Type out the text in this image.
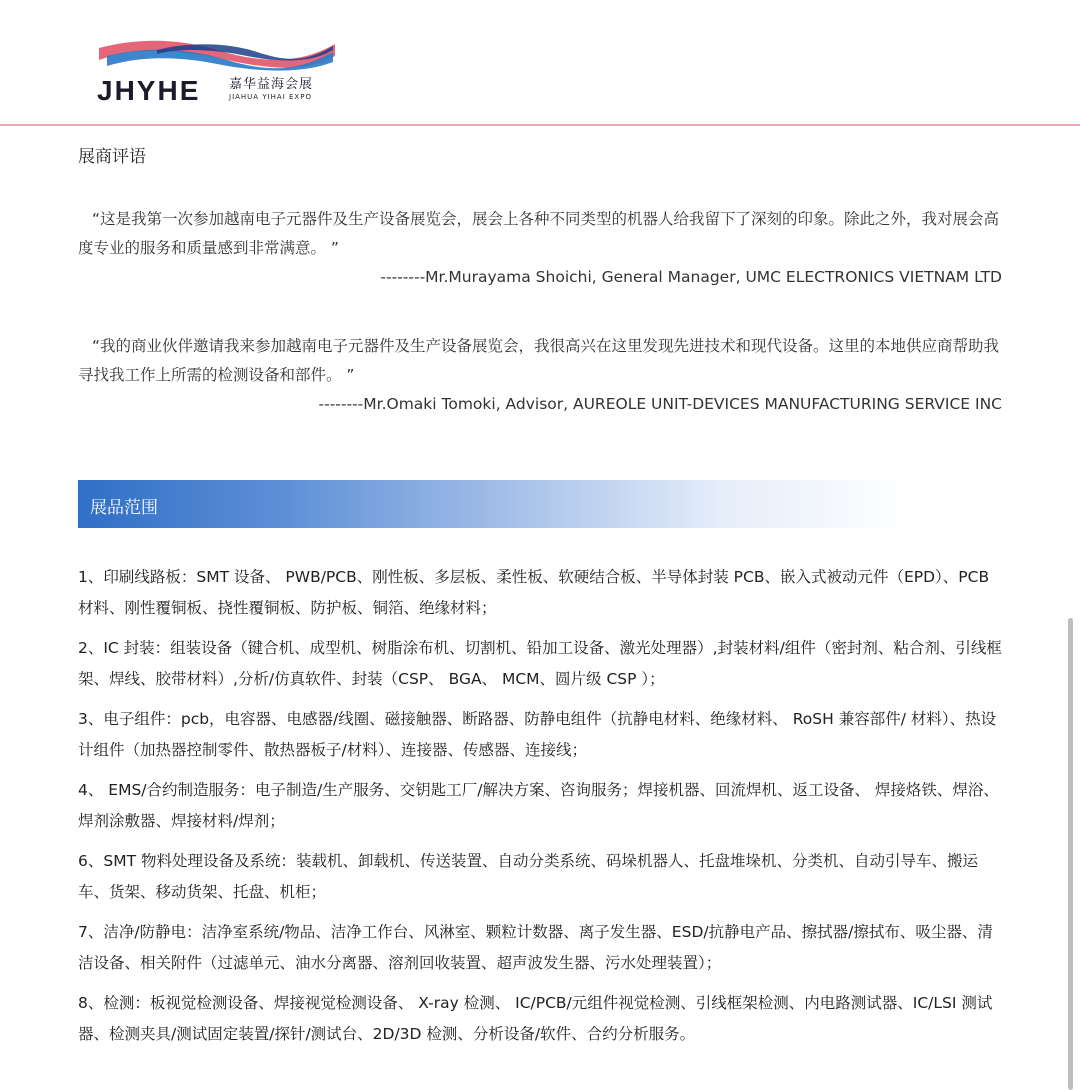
JHYHE 嘉华益海会展
JIAHUA YIHAI EXPO
展商评语
“这是我第一次参加越南电子元器件及生产设备展览会，展会上各种不同类型的机器人给我留下了深刻的印象。除此之外，我对展会高度专业的服务和质量感到非常满意。 ”
--------Mr.Murayama Shoichi, General Manager, UMC ELECTRONICS VIETNAM LTD
“我的商业伙伴邀请我来参加越南电子元器件及生产设备展览会，我很高兴在这里发现先进技术和现代设备。这里的本地供应商帮助我寻找我工作上所需的检测设备和部件。 ”
--------Mr.Omaki Tomoki, Advisor, AUREOLE UNIT-DEVICES MANUFACTURING SERVICE INC
展品范围
1、印刷线路板：SMT 设备、 PWB/PCB、刚性板、多层板、柔性板、软硬结合板、半导体封装 PCB、嵌入式被动元件（EPD）、PCB 材料、刚性覆铜板、挠性覆铜板、防护板、铜箔、绝缘材料；
2、IC 封装：组装设备（键合机、成型机、树脂涂布机、切割机、铅加工设备、激光处理器）,封装材料/组件（密封剂、粘合剂、引线框架、焊线、胶带材料）,分析/仿真软件、封装（CSP、 BGA、 MCM、圆片级 CSP ）；
3、电子组件：pcb，电容器、电感器/线圈、磁接触器、断路器、防静电组件（抗静电材料、绝缘材料、 RoSH 兼容部件/ 材料）、热设计组件（加热器控制零件、散热器板子/材料）、连接器、传感器、连接线；
4、 EMS/合约制造服务：电子制造/生产服务、交钥匙工厂/解决方案、咨询服务；焊接机器、回流焊机、返工设备、 焊接烙铁、焊浴、焊剂涂敷器、焊接材料/焊剂；
6、SMT 物料处理设备及系统：装载机、卸载机、传送装置、自动分类系统、码垛机器人、托盘堆垛机、分类机、自动引导车、搬运车、货架、移动货架、托盘、机柜；
7、洁净/防静电：洁净室系统/物品、洁净工作台、风淋室、颗粒计数器、离子发生器、ESD/抗静电产品、擦拭器/擦拭布、吸尘器、清洁设备、相关附件（过滤单元、油水分离器、溶剂回收装置、超声波发生器、污水处理装置）；
8、检测：板视觉检测设备、焊接视觉检测设备、 X-ray 检测、 IC/PCB/元组件视觉检测、引线框架检测、内电路测试器、IC/LSI 测试器、检测夹具/测试固定装置/探针/测试台、2D/3D 检测、分析设备/软件、合约分析服务。
